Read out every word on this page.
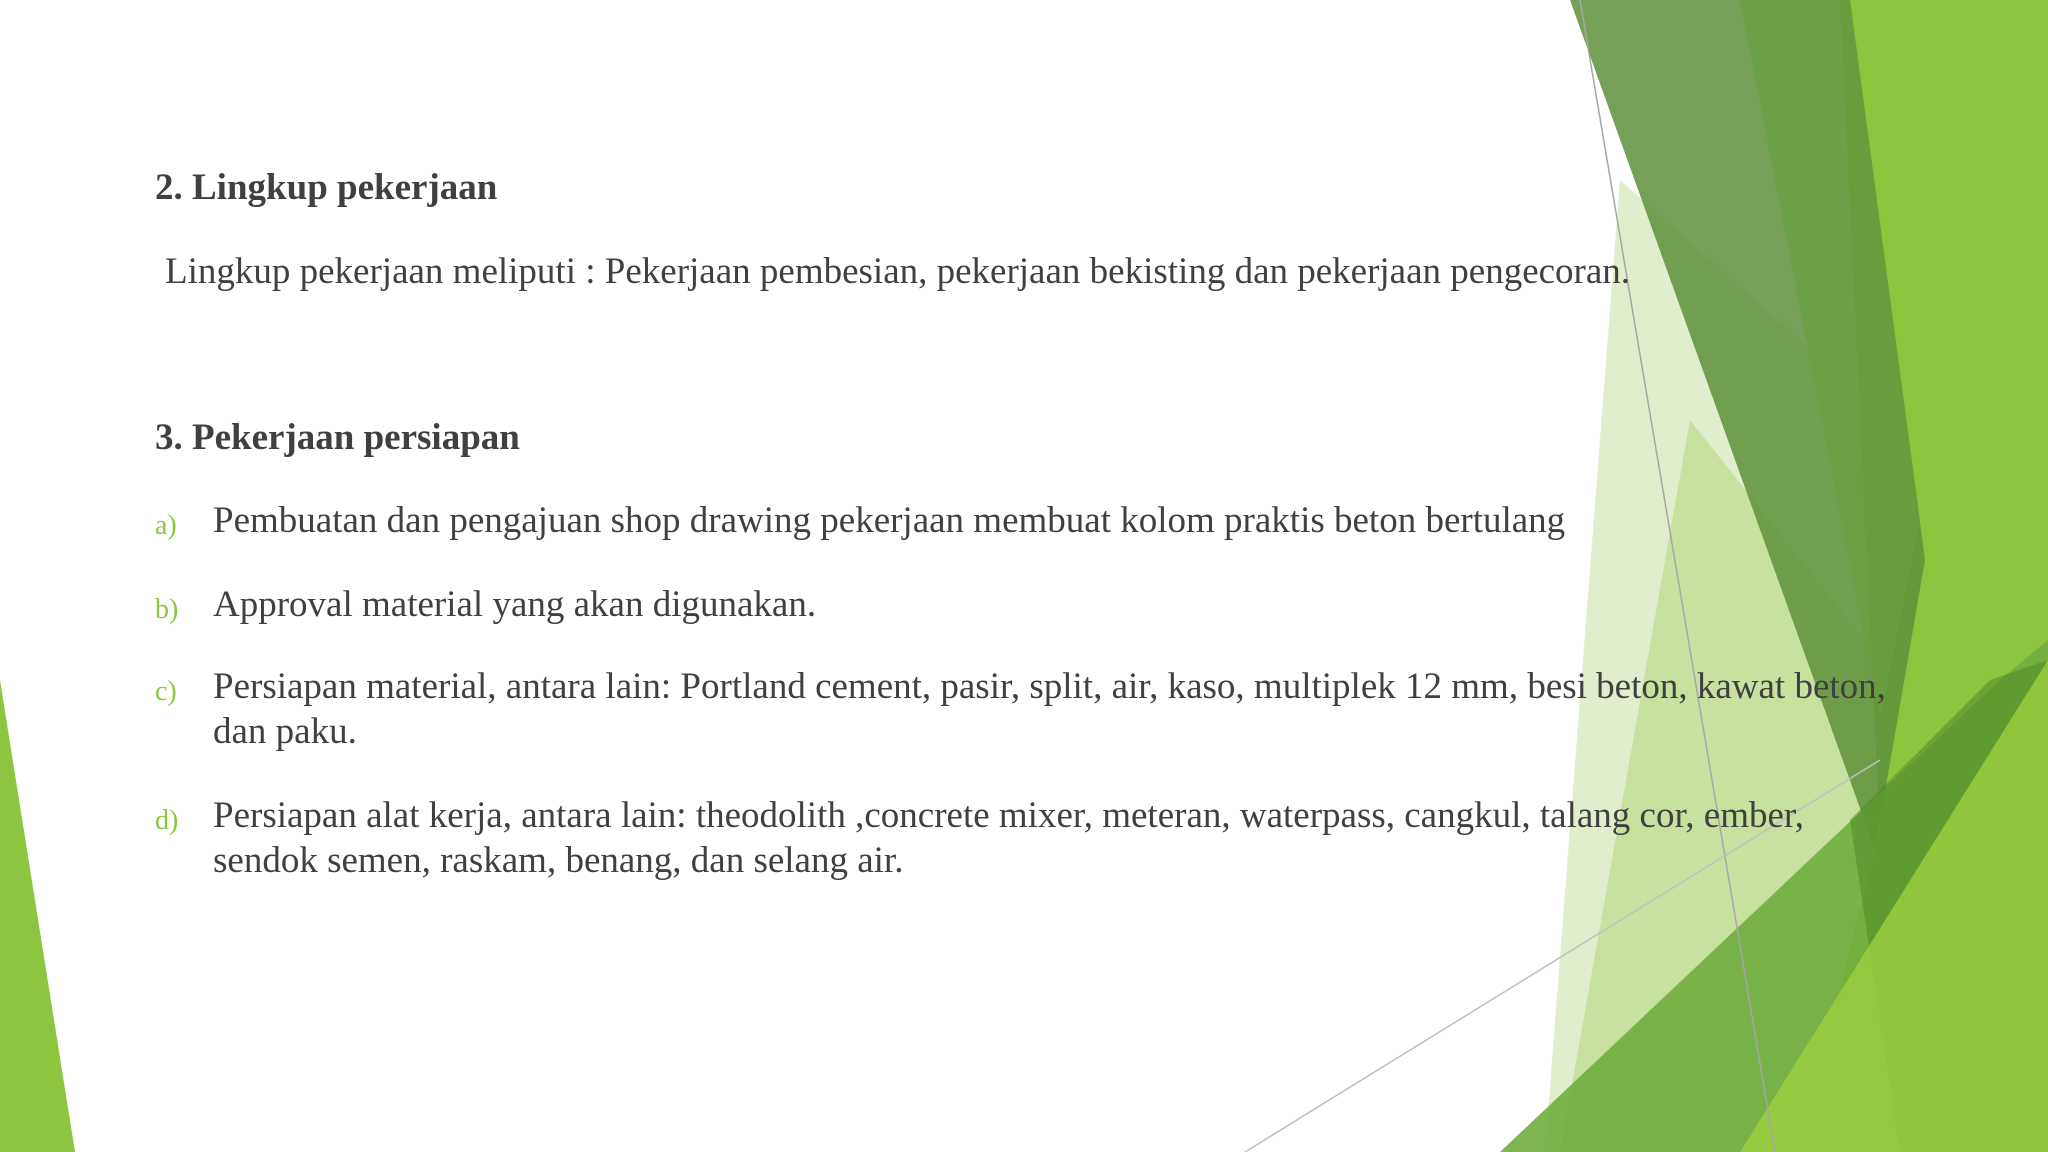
2. Lingkup pekerjaan
Lingkup pekerjaan meliputi : Pekerjaan pembesian, pekerjaan bekisting dan pekerjaan pengecoran.
3. Pekerjaan persiapan
a) Pembuatan dan pengajuan shop drawing pekerjaan membuat kolom praktis beton bertulang
b) Approval material yang akan digunakan.
c) Persiapan material, antara lain: Portland cement, pasir, split, air, kaso, multiplek 12 mm, besi beton, kawat beton, dan paku.
d) Persiapan alat kerja, antara lain: theodolith ,concrete mixer, meteran, waterpass, cangkul, talang cor, ember, sendok semen, raskam, benang, dan selang air.
